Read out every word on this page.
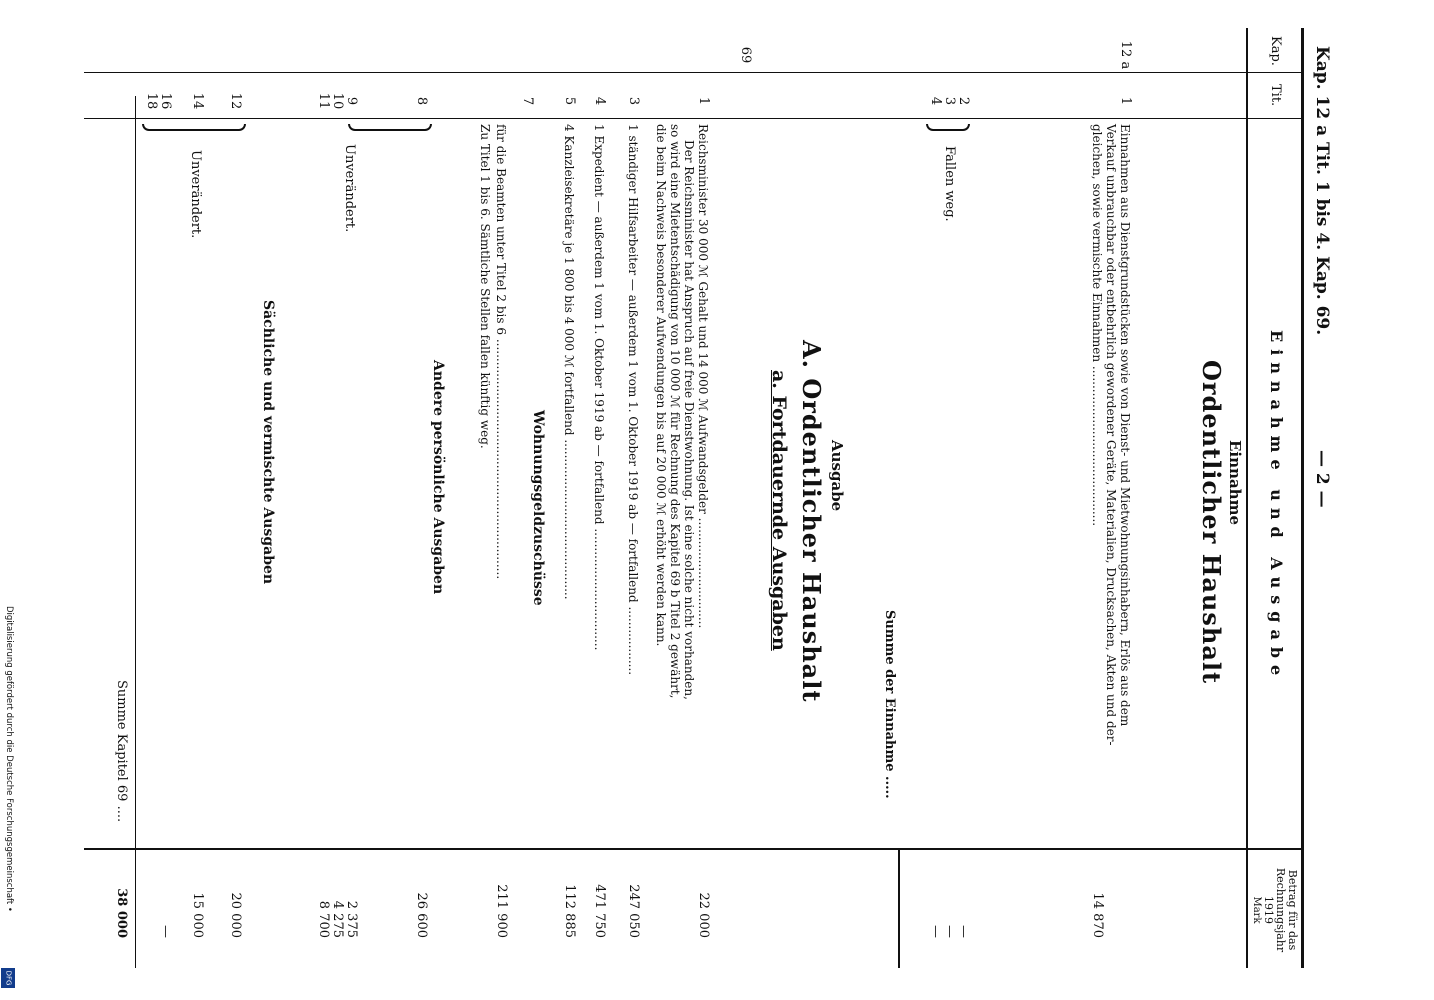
Kap. 12 a Tit. 1 bis 4. Kap. 69.
— 2 —
Kap.
Tit.
Einnahme und Ausgabe
Betrag für das Rechnungsjahr 1919
Mark
Einnahme
Ordentlicher Haushalt
12 a
1
Einnahmen aus Dienstgrundstücken sowie von Dienst- und Mietwohnungsinhabern, Erlös aus dem
Verkauf unbrauchbar oder entbehrlich gewordener Geräte, Materialien, Drucksachen, Akten und der-
gleichen, sowie vermischte Einnahmen ..........................................
14 870
2
3
4
Fallen weg.
—
—
—
Summe der Einnahme .....
Ausgabe
A. Ordentlicher Haushalt
a. Fortdauernde Ausgaben
69
1
Reichsminister 30 000 ℳ Gehalt und 14 000 ℳ Aufwandsgelder .............................
Der Reichsminister hat Anspruch auf freie Dienstwohnung. Ist eine solche nicht vorhanden,
so wird eine Mietentschädigung von 10 000 ℳ für Rechnung des Kapitel 69 b Titel 2 gewährt,
die beim Nachweis besonderer Aufwendungen bis auf 20 000 ℳ erhöht werden kann.
22 000
3
1 ständiger Hilfsarbeiter — außerdem 1 vom 1. Oktober 1919 ab — fortfallend ..................
247 050
4
1 Expedient — außerdem 1 vom 1. Oktober 1919 ab — fortfallend ................................
471 750
5
4 Kanzleisekretäre je 1 800 bis 4 000 ℳ fortfallend ..........................................
112 885
Wohnungsgeldzuschüsse
7
für die Beamten unter Titel 2 bis 6 ...............................................................
211 900
Zu Titel 1 bis 6. Sämtliche Stellen fallen künftig weg.
Andere persönliche Ausgaben
8
26 600
Unverändert.
9
10
11
2 375
4 275
8 700
Sächliche und vermischte Ausgaben
12
20 000
14
15 000
16
—
18
Unverändert.
Summe Kapitel 69 ....
38 000
Digitalisierung gefördert durch die Deutsche Forschungsgemeinschaft •
DFG
